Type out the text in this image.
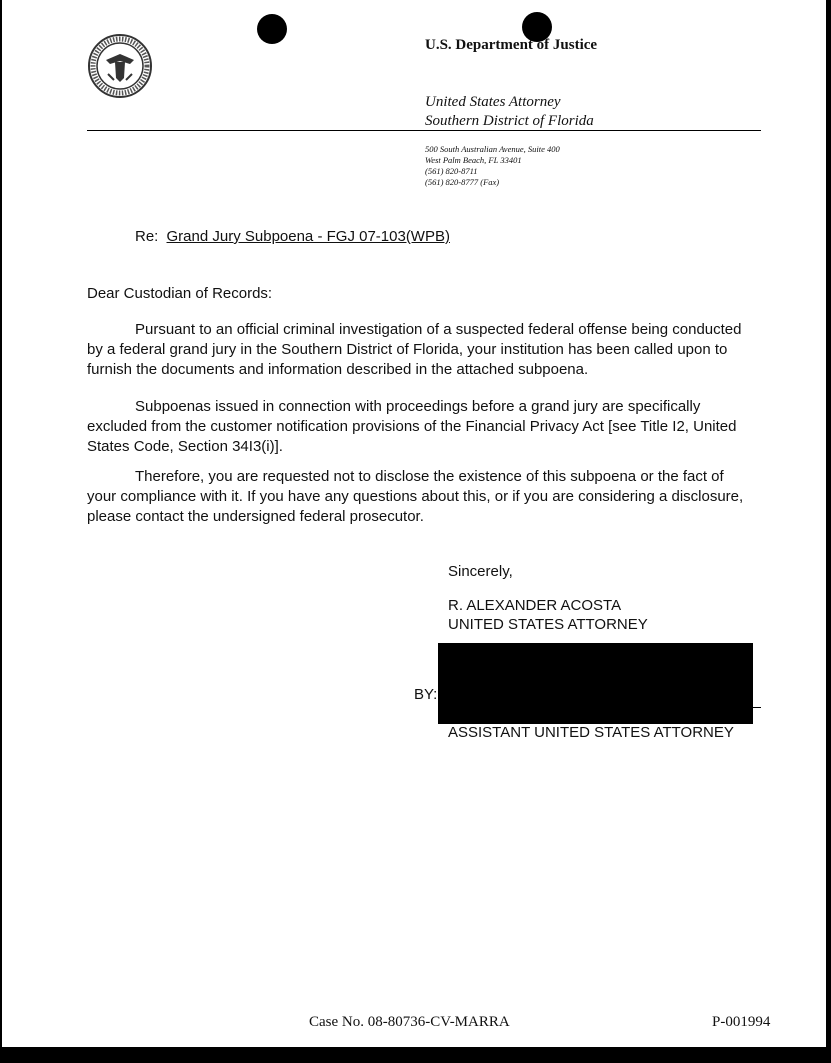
U.S. Department of Justice
United States Attorney
Southern District of Florida
500 South Australian Avenue, Suite 400
West Palm Beach, FL 33401
(561) 820-8711
(561) 820-8777 (Fax)
Re: Grand Jury Subpoena - FGJ 07-103(WPB)
Dear Custodian of Records:
Pursuant to an official criminal investigation of a suspected federal offense being conducted by a federal grand jury in the Southern District of Florida, your institution has been called upon to furnish the documents and information described in the attached subpoena.
Subpoenas issued in connection with proceedings before a grand jury are specifically excluded from the customer notification provisions of the Financial Privacy Act [see Title I2, United States Code, Section 34I3(i)].
Therefore, you are requested not to disclose the existence of this subpoena or the fact of your compliance with it. If you have any questions about this, or if you are considering a disclosure, please contact the undersigned federal prosecutor.
Sincerely,
R. ALEXANDER ACOSTA
UNITED STATES ATTORNEY
BY:
ASSISTANT UNITED STATES ATTORNEY
Case No. 08-80736-CV-MARRA	P-001994
